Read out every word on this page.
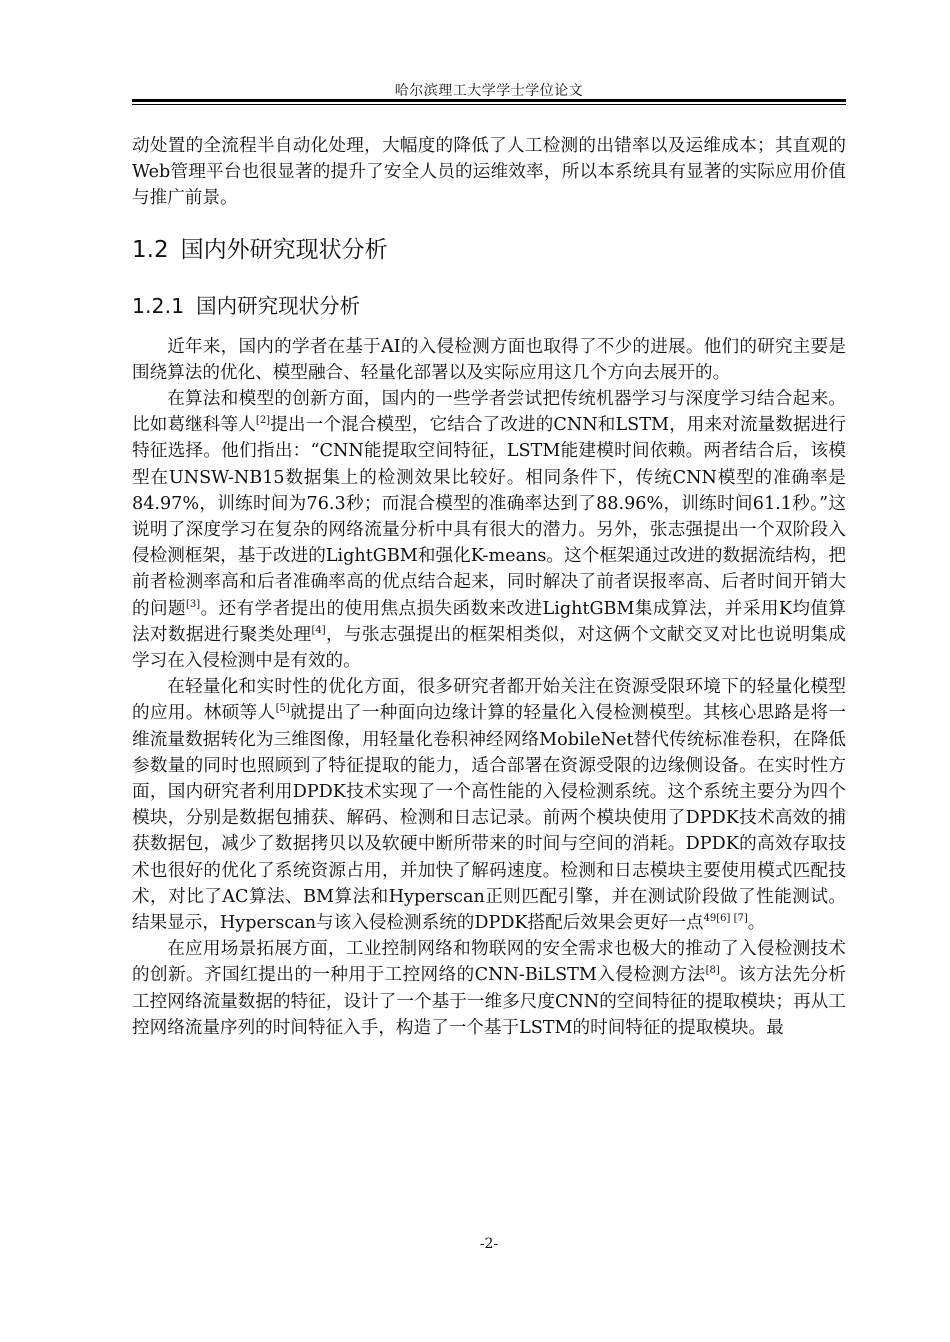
哈尔滨理工大学学士学位论文

动处置的全流程半自动化处理，大幅度的降低了人工检测的出错率以及运维成本；其直观的Web管理平台也很显著的提升了安全人员的运维效率，所以本系统具有显著的实际应用价值与推广前景。

1.2 国内外研究现状分析
1.2.1 国内研究现状分析

近年来，国内的学者在基于AI的入侵检测方面也取得了不少的进展。他们的研究主要是围绕算法的优化、模型融合、轻量化部署以及实际应用这几个方向去展开的。

在算法和模型的创新方面，国内的一些学者尝试把传统机器学习与深度学习结合起来。比如葛继科等人[2]提出一个混合模型，它结合了改进的CNN和LSTM，用来对流量数据进行特征选择。他们指出：“CNN能提取空间特征，LSTM能建模时间依赖。两者结合后，该模型在UNSW-NB15数据集上的检测效果比较好。相同条件下，传统CNN模型的准确率是84.97%，训练时间为76.3秒；而混合模型的准确率达到了88.96%，训练时间61.1秒。”这说明了深度学习在复杂的网络流量分析中具有很大的潜力。另外，张志强提出一个双阶段入侵检测框架，基于改进的LightGBM和强化K-means。这个框架通过改进的数据流结构，把前者检测率高和后者准确率高的优点结合起来，同时解决了前者误报率高、后者时间开销大的问题[3]。还有学者提出的使用焦点损失函数来改进LightGBM集成算法，并采用K均值算法对数据进行聚类处理[4]，与张志强提出的框架相类似，对这俩个文献交叉对比也说明集成学习在入侵检测中是有效的。

在轻量化和实时性的优化方面，很多研究者都开始关注在资源受限环境下的轻量化模型的应用。林硕等人[5]就提出了一种面向边缘计算的轻量化入侵检测模型。其核心思路是将一维流量数据转化为三维图像，用轻量化卷积神经网络MobileNet替代传统标准卷积，在降低参数量的同时也照顾到了特征提取的能力，适合部署在资源受限的边缘侧设备。在实时性方面，国内研究者利用DPDK技术实现了一个高性能的入侵检测系统。这个系统主要分为四个模块，分别是数据包捕获、解码、检测和日志记录。前两个模块使用了DPDK技术高效的捕获数据包，减少了数据拷贝以及软硬中断所带来的时间与空间的消耗。DPDK的高效存取技术也很好的优化了系统资源占用，并加快了解码速度。检测和日志模块主要使用模式匹配技术，对比了AC算法、BM算法和Hyperscan正则匹配引擎，并在测试阶段做了性能测试。结果显示，Hyperscan与该入侵检测系统的DPDK搭配后效果会更好一点$^{49[6] [7]}$。

在应用场景拓展方面，工业控制网络和物联网的安全需求也极大的推动了入侵检测技术的创新。齐国红提出的一种用于工控网络的CNN-BiLSTM入侵检测方法[8]。该方法先分析工控网络流量数据的特征，设计了一个基于一维多尺度CNN的空间特征的提取模块；再从工控网络流量序列的时间特征入手，构造了一个基于LSTM的时间特征的提取模块。最

-2-
